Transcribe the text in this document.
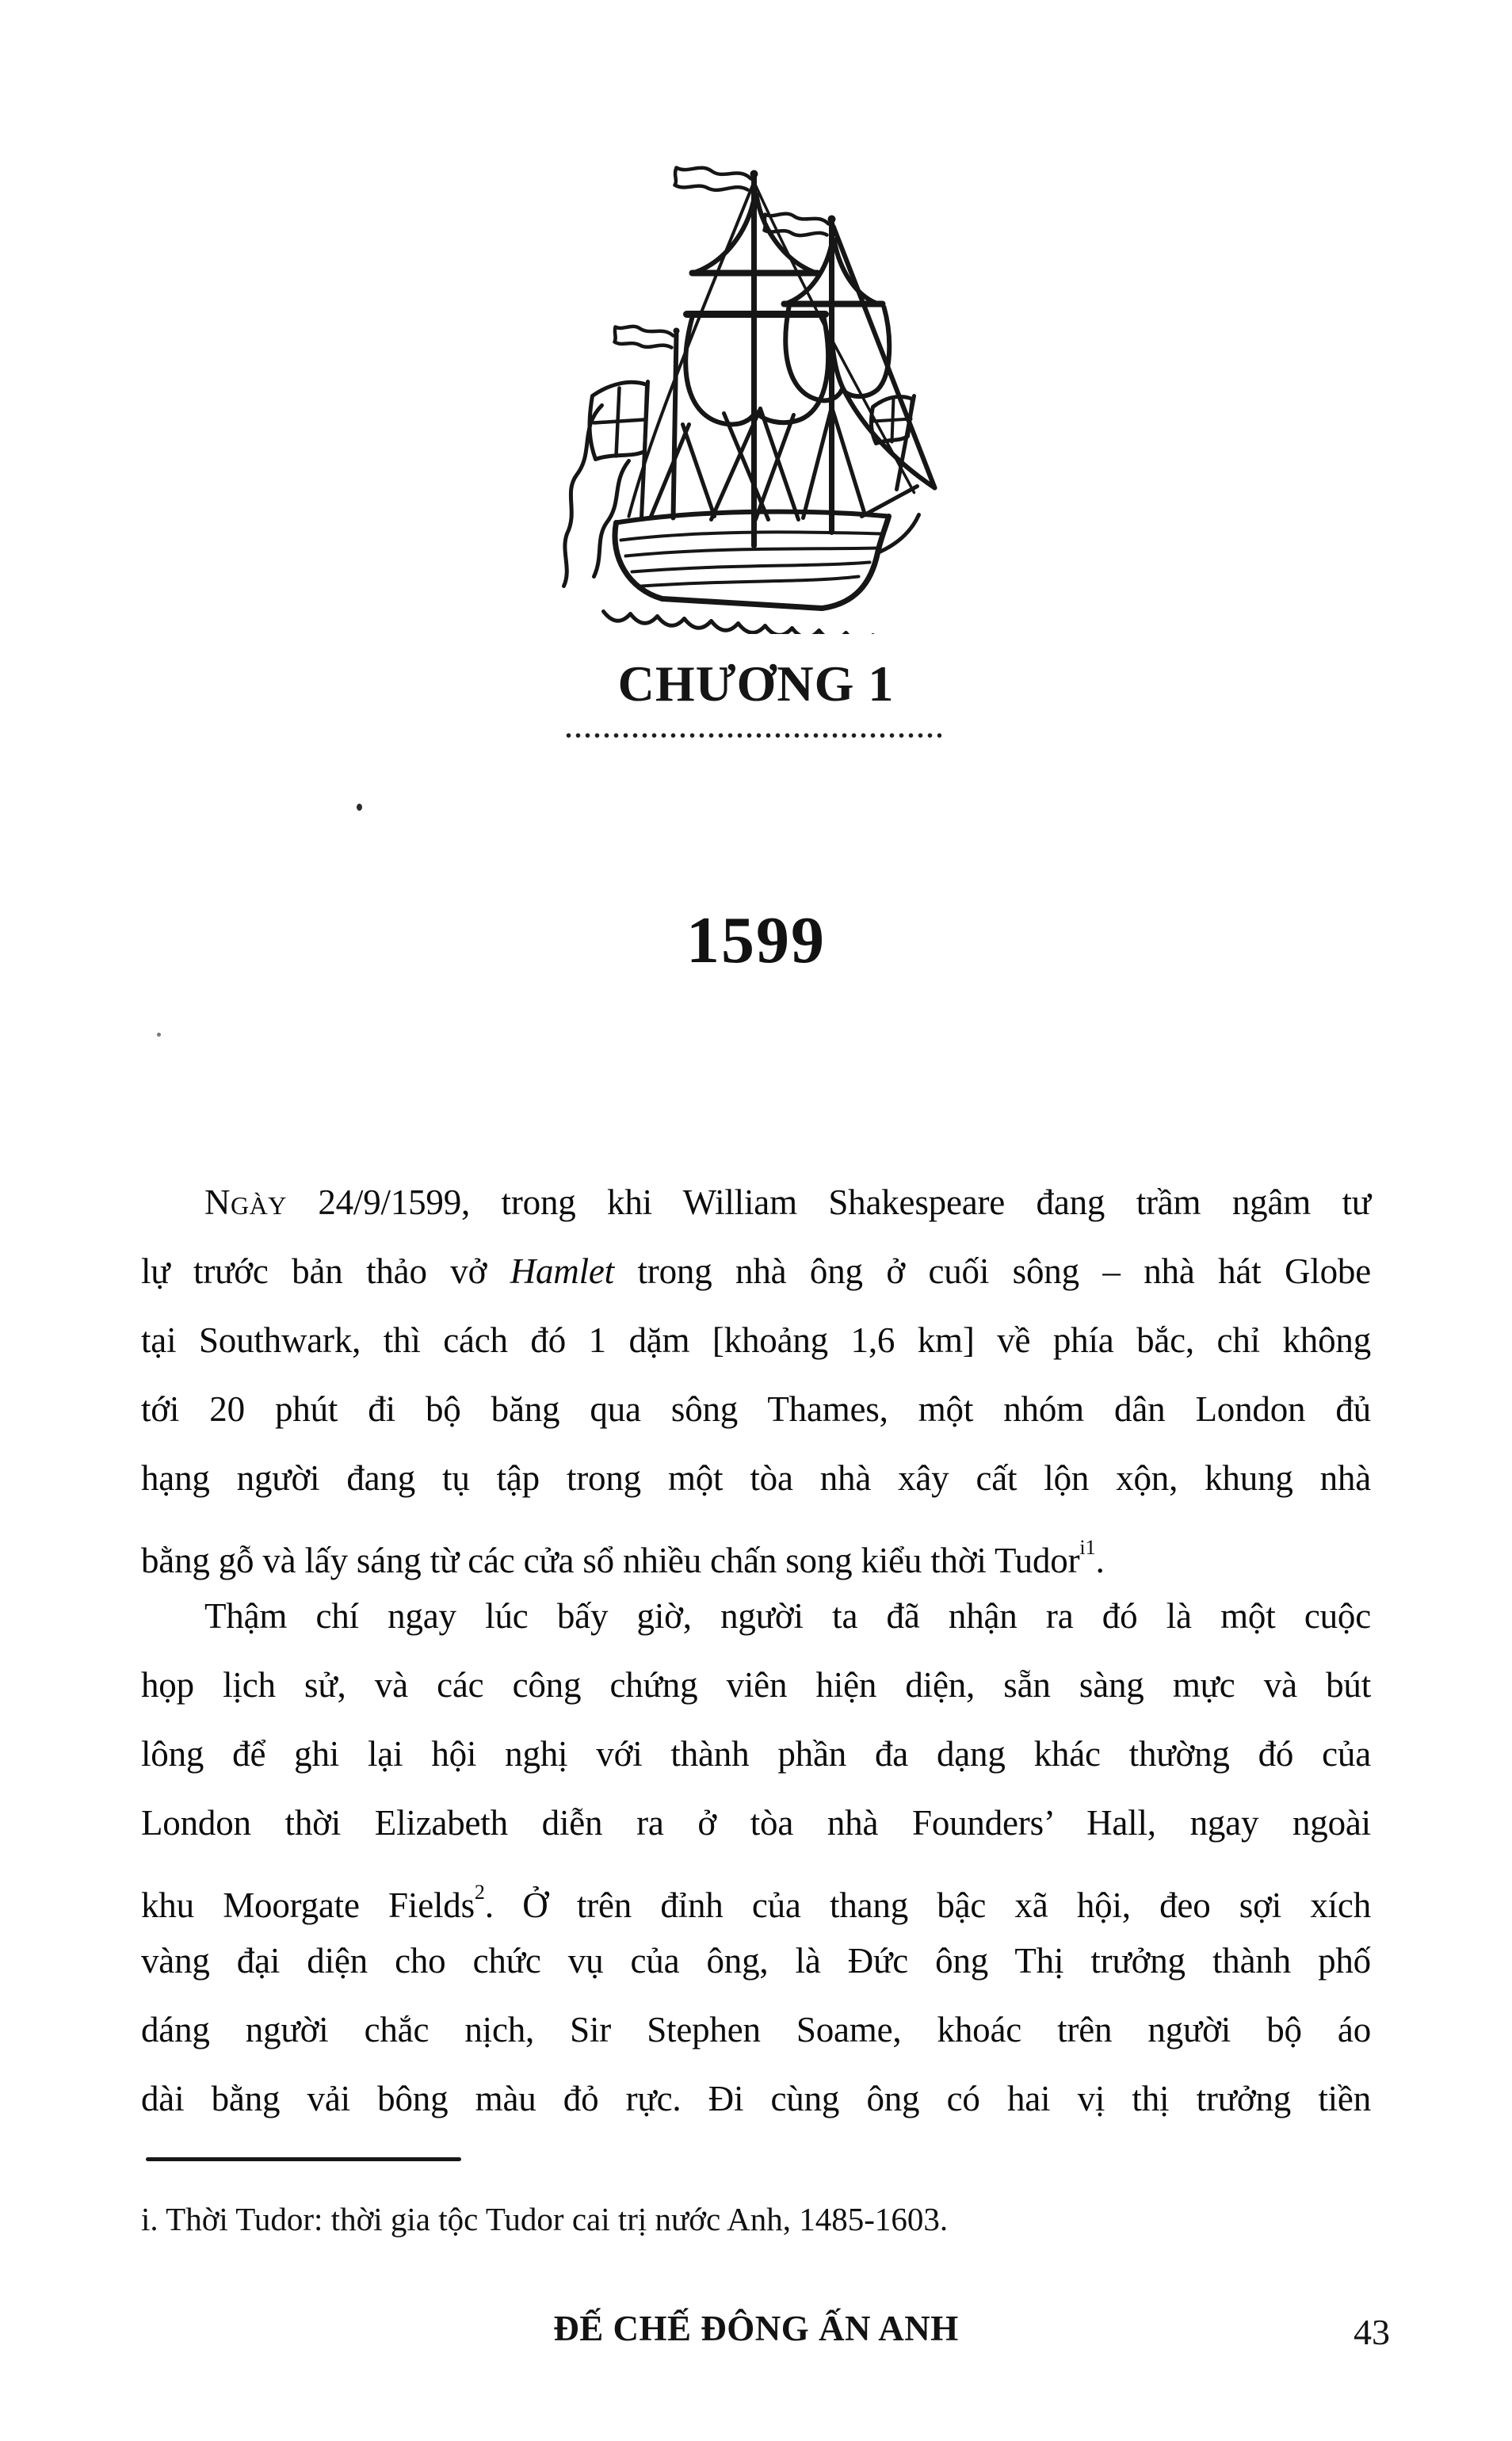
CHƯƠNG 1
1599
Ngày 24/9/1599, trong khi William Shakespeare đang trầm ngâm tư
lự trước bản thảo vở Hamlet trong nhà ông ở cuối sông – nhà hát Globe
tại Southwark, thì cách đó 1 dặm [khoảng 1,6 km] về phía bắc, chỉ không
tới 20 phút đi bộ băng qua sông Thames, một nhóm dân London đủ
hạng người đang tụ tập trong một tòa nhà xây cất lộn xộn, khung nhà
bằng gỗ và lấy sáng từ các cửa sổ nhiều chấn song kiểu thời Tudor$^{i1}$.
Thậm chí ngay lúc bấy giờ, người ta đã nhận ra đó là một cuộc
họp lịch sử, và các công chứng viên hiện diện, sẵn sàng mực và bút
lông để ghi lại hội nghị với thành phần đa dạng khác thường đó của
London thời Elizabeth diễn ra ở tòa nhà Founders’ Hall, ngay ngoài
khu Moorgate Fields$^2$. Ở trên đỉnh của thang bậc xã hội, đeo sợi xích
vàng đại diện cho chức vụ của ông, là Đức ông Thị trưởng thành phố
dáng người chắc nịch, Sir Stephen Soame, khoác trên người bộ áo
dài bằng vải bông màu đỏ rực. Đi cùng ông có hai vị thị trưởng tiền
i. Thời Tudor: thời gia tộc Tudor cai trị nước Anh, 1485-1603.
ĐẾ CHẾ ĐÔNG ẤN ANH	43
